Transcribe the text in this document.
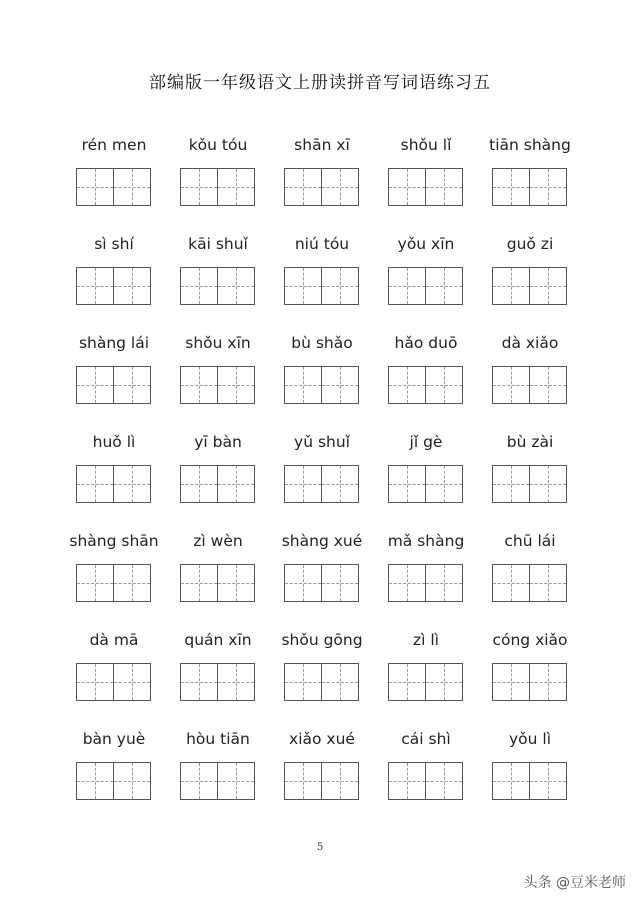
部编版一年级语文上册读拼音写词语练习五
rén men	kǒu tóu	shān xī	shǒu lǐ	tiān shàng
sì shí	kāi shuǐ	niú tóu	yǒu xīn	guǒ zi
shàng lái	shǒu xīn	bù shǎo	hǎo duō	dà xiǎo
huǒ lì	yī bàn	yǔ shuǐ	jǐ gè	bù zài
shàng shān	zì wèn	shàng xué	mǎ shàng	chū lái
dà mā	quán xīn	shǒu gōng	zì lì	cóng xiǎo
bàn yuè	hòu tiān	xiǎo xué	cái shì	yǒu lì
5
头条 @豆米老师
